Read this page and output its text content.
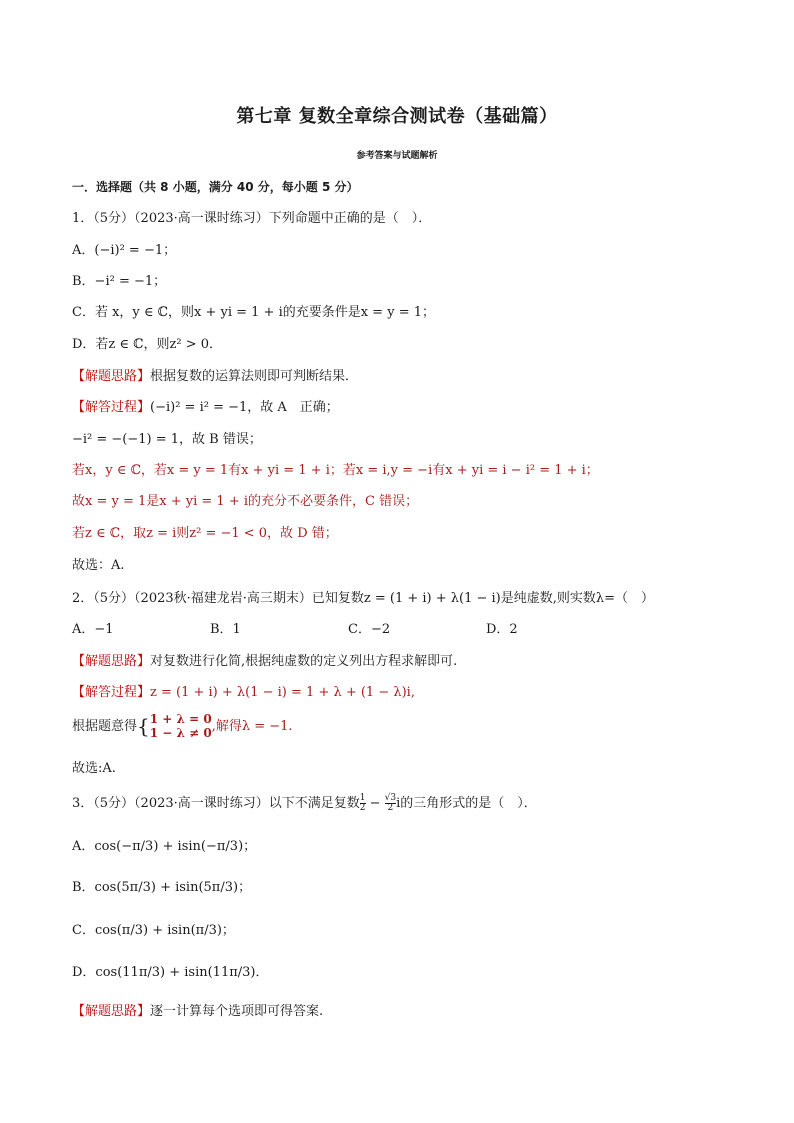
第七章 复数全章综合测试卷（基础篇）
参考答案与试题解析
一．选择题（共 8 小题，满分 40 分，每小题 5 分）
1．（5分）（2023·高一课时练习）下列命题中正确的是（　）．
A．(−i)² = −1；
B．−i² = −1；
C．若 x，y ∈ ℂ，则x + yi = 1 + i的充要条件是x = y = 1；
D．若z ∈ ℂ，则z² > 0．
【解题思路】根据复数的运算法则即可判断结果．
【解答过程】(−i)² = i² = −1，故 A　正确；
−i² = −(−1) = 1，故 B 错误；
若x，y ∈ ℂ，若x = y = 1有x + yi = 1 + i；若x = i,y = −i有x + yi = i − i² = 1 + i；
故x = y = 1是x + yi = 1 + i的充分不必要条件，C 错误；
若z ∈ ℂ，取z = i则z² = −1 < 0，故 D 错；
故选：A.
2．（5分）（2023秋·福建龙岩·高三期末）已知复数z = (1 + i) + λ(1 − i)是纯虚数,则实数λ=（　）
A．−1	B．1	C．−2	D．2
【解题思路】对复数进行化简,根据纯虚数的定义列出方程求解即可.
【解答过程】z = (1 + i) + λ(1 − i) = 1 + λ + (1 − λ)i,
根据题意得{ 1 + λ = 0
1 − λ ≠ 0 ,解得λ = −1.
故选:A.
3．（5分）（2023·高一课时练习）以下不满足复数 $\frac{1}{2} - \frac{√3}{2}$ i的三角形式的是（　）．
A．cos(−π/3) + isin(−π/3)；
B．cos(5π/3) + isin(5π/3)；
C．cos(π/3) + isin(π/3)；
D．cos(11π/3) + isin(11π/3)．
【解题思路】逐一计算每个选项即可得答案.
